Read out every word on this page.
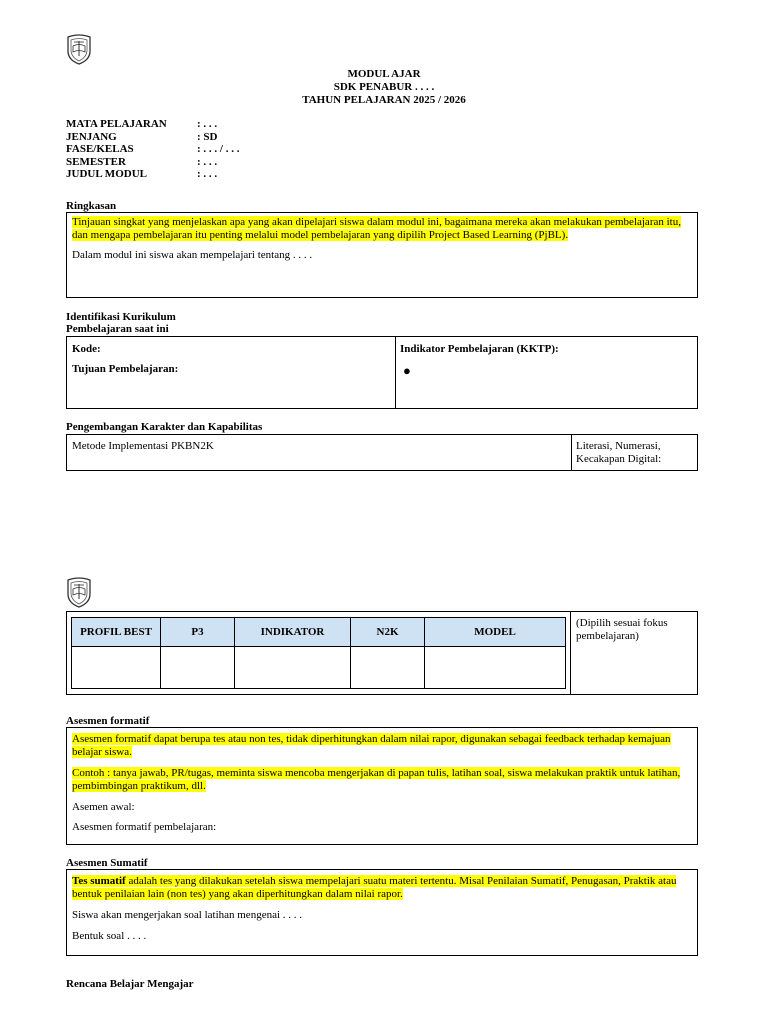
MODUL AJAR
SDK PENABUR . . . .
TAHUN PELAJARAN 2025 / 2026
MATA PELAJARAN	: . . .
JENJANG	: SD
FASE/KELAS	: . . . / . . .
SEMESTER	: . . .
JUDUL MODUL	: . . .
Ringkasan

Tinjauan singkat yang menjelaskan apa yang akan dipelajari siswa dalam modul ini, bagaimana mereka akan melakukan pembelajaran itu, dan mengapa pembelajaran itu penting melalui model pembelajaran yang dipilih Project Based Learning (PjBL).

Dalam modul ini siswa akan mempelajari tentang . . . .

Identifikasi Kurikulum
Pembelajaran saat ini
Kode:
Tujuan Pembelajaran:
Indikator Pembelajaran (KKTP):
●
Pengembangan Karakter dan Kapabilitas
Metode Implementasi PKBN2K	Literasi, Numerasi, Kecakapan Digital:
(Dipilih sesuai fokus pembelajaran)
PROFIL BEST	P3	INDIKATOR	N2K	MODEL

Asesmen formatif

Asesmen formatif dapat berupa tes atau non tes, tidak diperhitungkan dalam nilai rapor, digunakan sebagai feedback terhadap kemajuan belajar siswa.

Contoh : tanya jawab, PR/tugas, meminta siswa mencoba mengerjakan di papan tulis, latihan soal, siswa melakukan praktik untuk latihan, pembimbingan praktikum, dll.

Asemen awal:

Asesmen formatif pembelajaran:

Asesmen Sumatif

Tes sumatif adalah tes yang dilakukan setelah siswa mempelajari suatu materi tertentu. Misal Penilaian Sumatif, Penugasan, Praktik atau bentuk penilaian lain (non tes) yang akan diperhitungkan dalam nilai rapor.

Siswa akan mengerjakan soal latihan mengenai . . . .

Bentuk soal . . . .

Rencana Belajar Mengajar
